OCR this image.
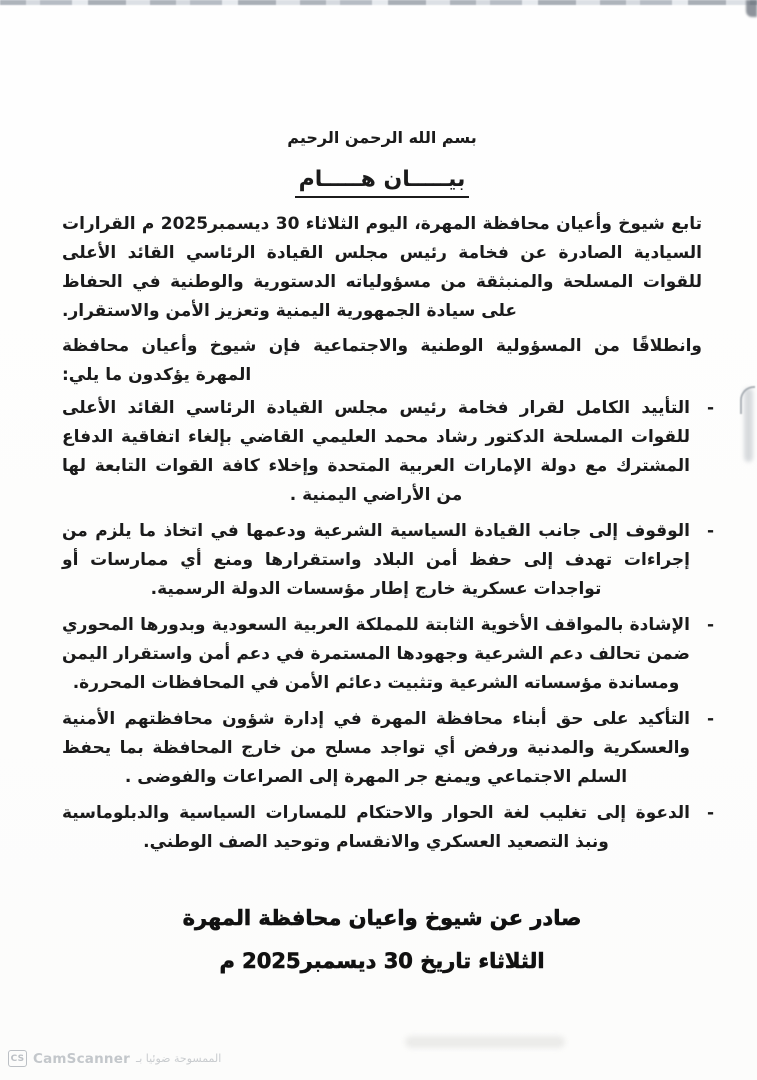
بسم الله الرحمن الرحيم
بيـــــان هـــــام

تابع شيوخ وأعيان محافظة المهرة، اليوم الثلاثاء 30 ديسمبر2025 م القرارات السيادية الصادرة عن فخامة رئيس مجلس القيادة الرئاسي القائد الأعلى للقوات المسلحة والمنبثقة من مسؤولياته الدستورية والوطنية في الحفاظ على سيادة الجمهورية اليمنية وتعزيز الأمن والاستقرار.

وانطلاقًا من المسؤولية الوطنية والاجتماعية فإن شيوخ وأعيان محافظة المهرة يؤكدون ما يلي:

-
التأييد الكامل لقرار فخامة رئيس مجلس القيادة الرئاسي القائد الأعلى للقوات المسلحة الدكتور رشاد محمد العليمي القاضي بإلغاء اتفاقية الدفاع المشترك مع دولة الإمارات العربية المتحدة وإخلاء كافة القوات التابعة لها من الأراضي اليمنية .
-
الوقوف إلى جانب القيادة السياسية الشرعية ودعمها في اتخاذ ما يلزم من إجراءات تهدف إلى حفظ أمن البلاد واستقرارها ومنع أي ممارسات أو تواجدات عسكرية خارج إطار مؤسسات الدولة الرسمية.
-
الإشادة بالمواقف الأخوية الثابتة للمملكة العربية السعودية وبدورها المحوري ضمن تحالف دعم الشرعية وجهودها المستمرة في دعم أمن واستقرار اليمن ومساندة مؤسساته الشرعية وتثبيت دعائم الأمن في المحافظات المحررة.
-
التأكيد على حق أبناء محافظة المهرة في إدارة شؤون محافظتهم الأمنية والعسكرية والمدنية ورفض أي تواجد مسلح من خارج المحافظة بما يحفظ السلم الاجتماعي ويمنع جر المهرة إلى الصراعات والفوضى .
-
الدعوة إلى تغليب لغة الحوار والاحتكام للمسارات السياسية والدبلوماسية ونبذ التصعيد العسكري والانقسام وتوحيد الصف الوطني.
صادر عن شيوخ واعيان محافظة المهرة
الثلاثاء تاريخ 30 ديسمبر2025 م
CS CamScanner الممسوحة ضوئيا بـ
